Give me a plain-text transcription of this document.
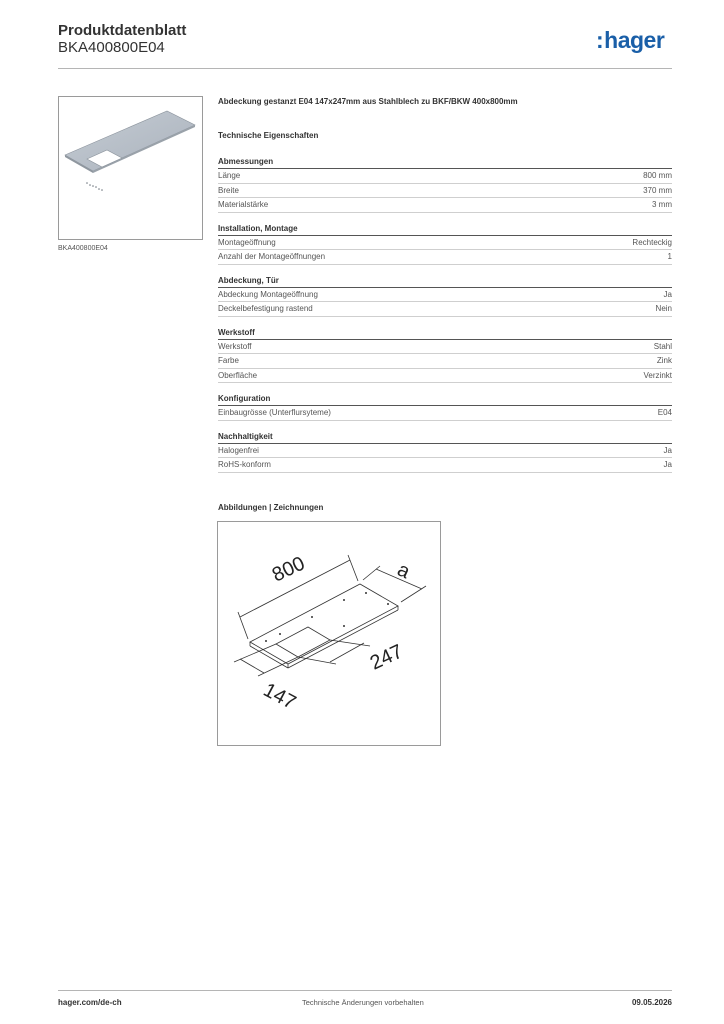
Produktdatenblatt
BKA400800E04	:hager
BKA400800E04
Abdeckung gestanzt E04 147x247mm aus Stahlblech zu BKF/BKW 400x800mm
Technische Eigenschaften
Abmessungen
Länge	800 mm
Breite	370 mm
Materialstärke	3 mm
Installation, Montage
Montageöffnung	Rechteckig
Anzahl der Montageöffnungen	1
Abdeckung, Tür
Abdeckung Montageöffnung	Ja
Deckelbefestigung rastend	Nein
Werkstoff
Werkstoff	Stahl
Farbe	Zink
Oberfläche	Verzinkt
Konfiguration
Einbaugrösse (Unterflursyteme)	E04
Nachhaltigkeit
Halogenfrei	Ja
RoHS-konform	Ja
Abbildungen | Zeichnungen
800	a
247
147
hager.com/de-ch	Technische Änderungen vorbehalten	09.05.2026
